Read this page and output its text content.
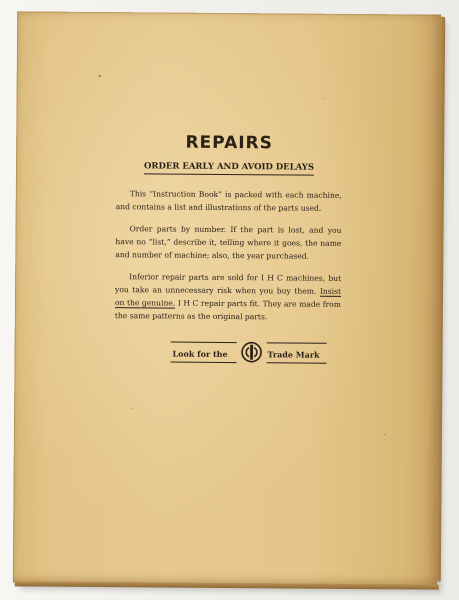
REPAIRS
ORDER EARLY AND AVOID DELAYS

This “Instruction Book” is packed with each machine, and contains a list and illustrations of the parts used.

Order parts by number. If the part is lost, and you have no “list,” describe it, telling where it goes, the name and number of machine; also, the year purchased.

Inferior repair parts are sold for I H C machines, but you take an unnecessary risk when you buy them. Insist on the genuine. I H C repair parts fit. They are made from the same patterns as the original parts.

Look for the	Trade Mark
